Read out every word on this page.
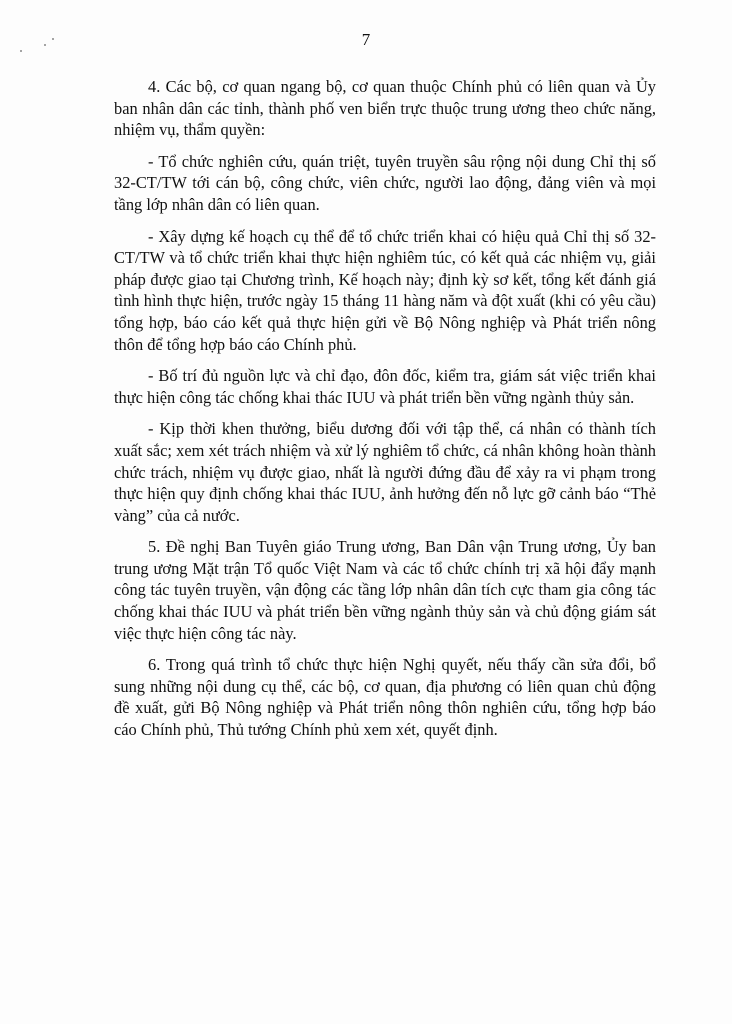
7

4. Các bộ, cơ quan ngang bộ, cơ quan thuộc Chính phủ có liên quan và Ủy ban nhân dân các tỉnh, thành phố ven biển trực thuộc trung ương theo chức năng, nhiệm vụ, thẩm quyền:

- Tổ chức nghiên cứu, quán triệt, tuyên truyền sâu rộng nội dung Chỉ thị số 32-CT/TW tới cán bộ, công chức, viên chức, người lao động, đảng viên và mọi tầng lớp nhân dân có liên quan.

- Xây dựng kế hoạch cụ thể để tổ chức triển khai có hiệu quả Chỉ thị số 32-CT/TW và tổ chức triển khai thực hiện nghiêm túc, có kết quả các nhiệm vụ, giải pháp được giao tại Chương trình, Kế hoạch này; định kỳ sơ kết, tổng kết đánh giá tình hình thực hiện, trước ngày 15 tháng 11 hàng năm và đột xuất (khi có yêu cầu) tổng hợp, báo cáo kết quả thực hiện gửi về Bộ Nông nghiệp và Phát triển nông thôn để tổng hợp báo cáo Chính phủ.

- Bố trí đủ nguồn lực và chỉ đạo, đôn đốc, kiểm tra, giám sát việc triển khai thực hiện công tác chống khai thác IUU và phát triển bền vững ngành thủy sản.

- Kịp thời khen thưởng, biểu dương đối với tập thể, cá nhân có thành tích xuất sắc; xem xét trách nhiệm và xử lý nghiêm tổ chức, cá nhân không hoàn thành chức trách, nhiệm vụ được giao, nhất là người đứng đầu để xảy ra vi phạm trong thực hiện quy định chống khai thác IUU, ảnh hưởng đến nỗ lực gỡ cảnh báo “Thẻ vàng” của cả nước.

5. Đề nghị Ban Tuyên giáo Trung ương, Ban Dân vận Trung ương, Ủy ban trung ương Mặt trận Tổ quốc Việt Nam và các tổ chức chính trị xã hội đẩy mạnh công tác tuyên truyền, vận động các tầng lớp nhân dân tích cực tham gia công tác chống khai thác IUU và phát triển bền vững ngành thủy sản và chủ động giám sát việc thực hiện công tác này.

6. Trong quá trình tổ chức thực hiện Nghị quyết, nếu thấy cần sửa đổi, bổ sung những nội dung cụ thể, các bộ, cơ quan, địa phương có liên quan chủ động đề xuất, gửi Bộ Nông nghiệp và Phát triển nông thôn nghiên cứu, tổng hợp báo cáo Chính phủ, Thủ tướng Chính phủ xem xét, quyết định.
